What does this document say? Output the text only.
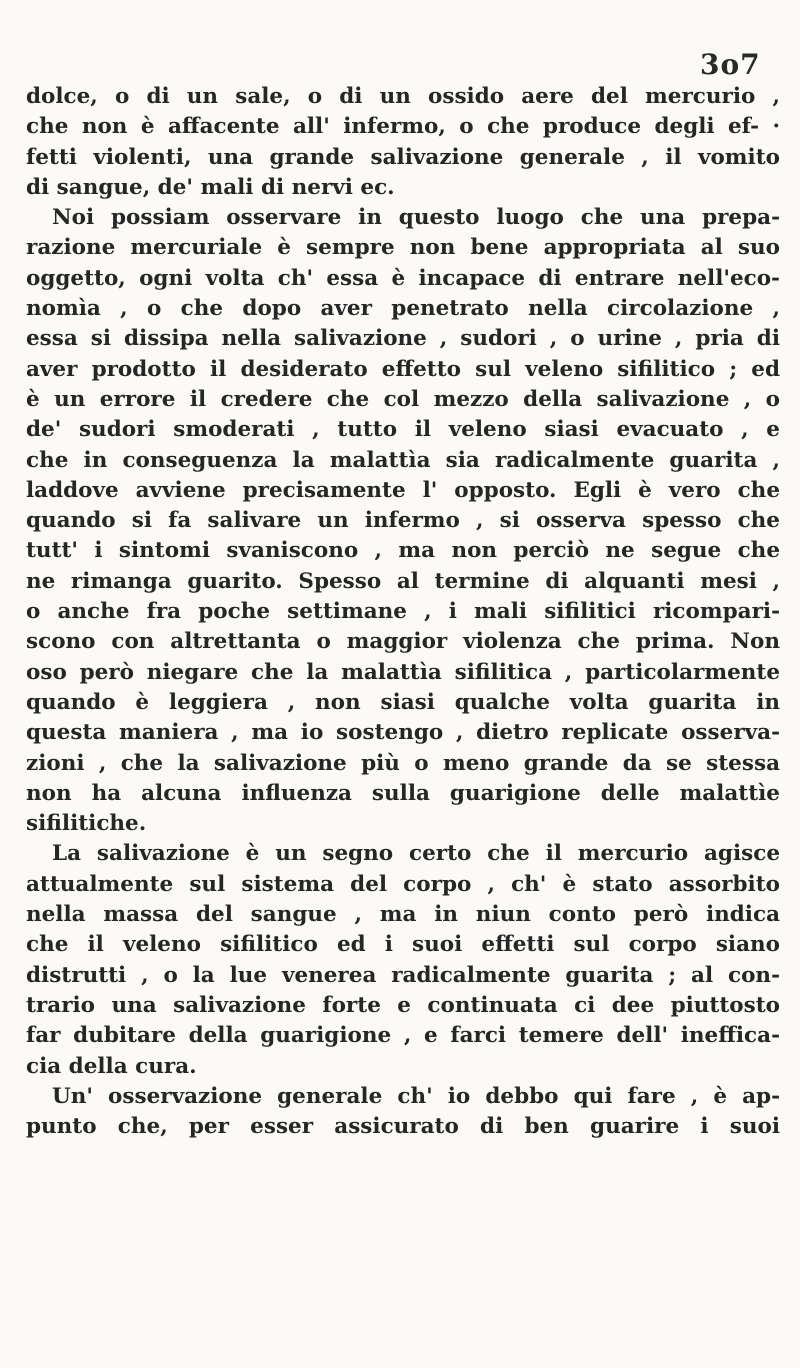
3o7
dolce, o di un sale, o di un ossido aere del mercurio ,
che non è affacente all' infermo, o che produce degli ef- ·
fetti violenti, una grande salivazione generale , il vomito
di sangue, de' mali di nervi ec.
Noi possiam osservare in questo luogo che una prepa-
razione mercuriale è sempre non bene appropriata al suo
oggetto, ogni volta ch' essa è incapace di entrare nell'eco-
nomìa , o che dopo aver penetrato nella circolazione ,
essa si dissipa nella salivazione , sudori , o urine , pria di
aver prodotto il desiderato effetto sul veleno sifilitico ; ed
è un errore il credere che col mezzo della salivazione , o
de' sudori smoderati , tutto il veleno siasi evacuato , e
che in conseguenza la malattìa sia radicalmente guarita ,
laddove avviene precisamente l' opposto. Egli è vero che
quando si fa salivare un infermo , si osserva spesso che
tutt' i sintomi svaniscono , ma non perciò ne segue che
ne rimanga guarito. Spesso al termine di alquanti mesi ,
o anche fra poche settimane , i mali sifilitici ricompari-
scono con altrettanta o maggior violenza che prima. Non
oso però niegare che la malattìa sifilitica , particolarmente
quando è leggiera , non siasi qualche volta guarita in
questa maniera , ma io sostengo , dietro replicate osserva-
zioni , che la salivazione più o meno grande da se stessa
non ha alcuna influenza sulla guarigione delle malattìe
sifilitiche.
La salivazione è un segno certo che il mercurio agisce
attualmente sul sistema del corpo , ch' è stato assorbito
nella massa del sangue , ma in niun conto però indica
che il veleno sifilitico ed i suoi effetti sul corpo siano
distrutti , o la lue venerea radicalmente guarita ; al con-
trario una salivazione forte e continuata ci dee piuttosto
far dubitare della guarigione , e farci temere dell' ineffica-
cia della cura.
Un' osservazione generale ch' io debbo qui fare , è ap-
punto che, per esser assicurato di ben guarire i suoi
